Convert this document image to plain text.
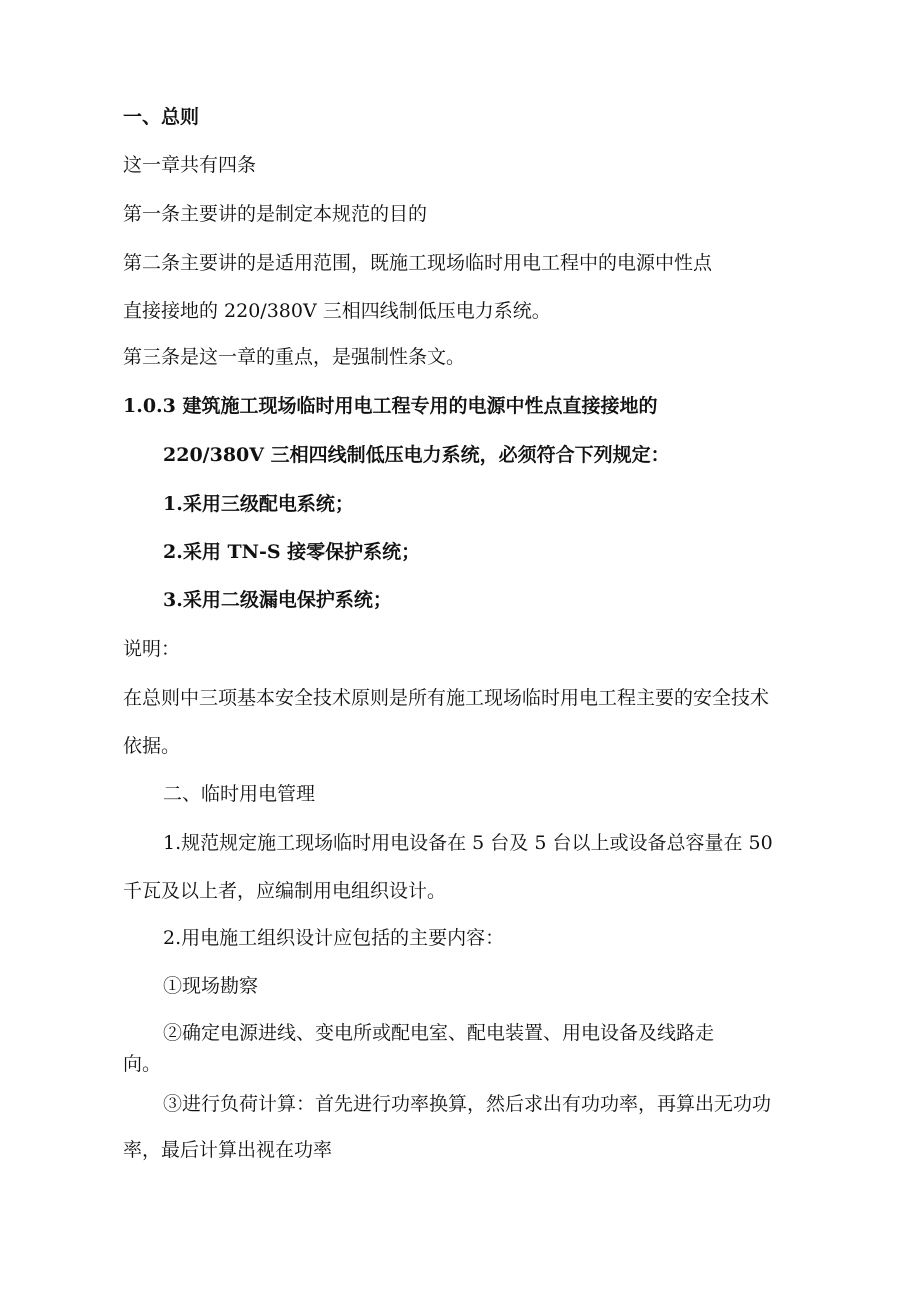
一、总则
这一章共有四条
第一条主要讲的是制定本规范的目的
第二条主要讲的是适用范围，既施工现场临时用电工程中的电源中性点
直接接地的 220/380V 三相四线制低压电力系统。
第三条是这一章的重点，是强制性条文。
1.0.3 建筑施工现场临时用电工程专用的电源中性点直接接地的
220/380V 三相四线制低压电力系统，必须符合下列规定：
1.采用三级配电系统；
2.采用 TN-S 接零保护系统；
3.采用二级漏电保护系统；
说明：
在总则中三项基本安全技术原则是所有施工现场临时用电工程主要的安全技术
依据。
二、临时用电管理
1.规范规定施工现场临时用电设备在 5 台及 5 台以上或设备总容量在 50
千瓦及以上者，应编制用电组织设计。
2.用电施工组织设计应包括的主要内容：
①现场勘察
②确定电源进线、变电所或配电室、配电装置、用电设备及线路走
向。
③进行负荷计算：首先进行功率换算，然后求出有功功率，再算出无功功
率，最后计算出视在功率
